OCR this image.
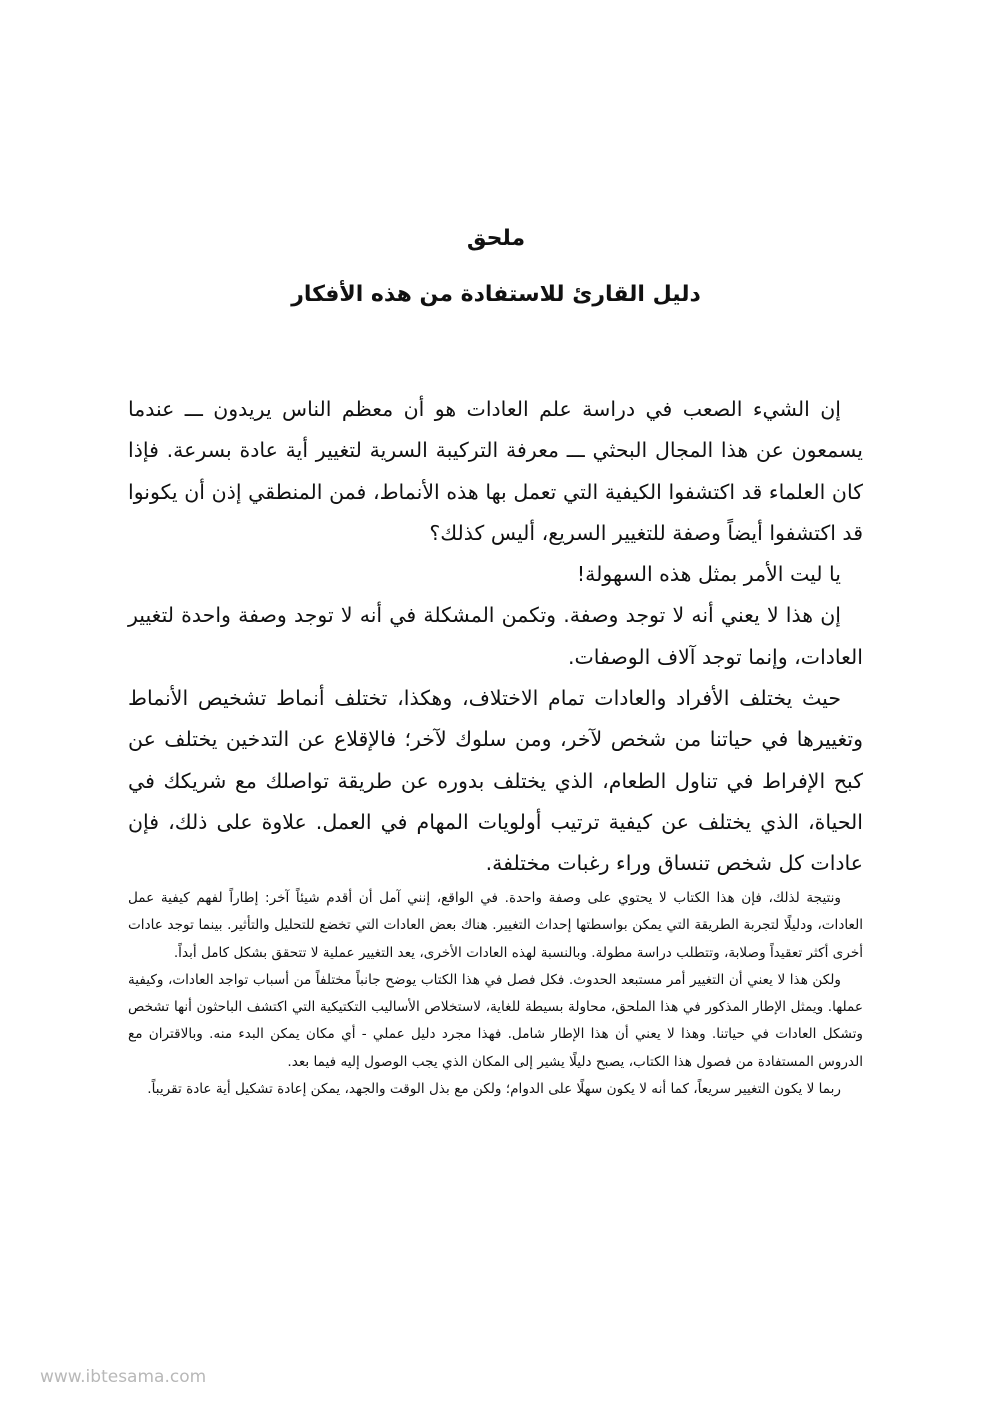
ملحق
دليل القارئ للاستفادة من هذه الأفكار

إن الشيء الصعب في دراسة علم العادات هو أن معظم الناس يريدون ـــ عندما يسمعون عن هذا المجال البحثي ـــ معرفة التركيبة السرية لتغيير أية عادة بسرعة. فإذا كان العلماء قد اكتشفوا الكيفية التي تعمل بها هذه الأنماط، فمن المنطقي إذن أن يكونوا قد اكتشفوا أيضاً وصفة للتغيير السريع، أليس كذلك؟

يا ليت الأمر بمثل هذه السهولة!

إن هذا لا يعني أنه لا توجد وصفة. وتكمن المشكلة في أنه لا توجد وصفة واحدة لتغيير العادات، وإنما توجد آلاف الوصفات.

حيث يختلف الأفراد والعادات تمام الاختلاف، وهكذا، تختلف أنماط تشخيص الأنماط وتغييرها في حياتنا من شخص لآخر، ومن سلوك لآخر؛ فالإقلاع عن التدخين يختلف عن كبح الإفراط في تناول الطعام، الذي يختلف بدوره عن طريقة تواصلك مع شريكك في الحياة، الذي يختلف عن كيفية ترتيب أولويات المهام في العمل. علاوة على ذلك، فإن عادات كل شخص تنساق وراء رغبات مختلفة.

ونتيجة لذلك، فإن هذا الكتاب لا يحتوي على وصفة واحدة. في الواقع، إنني آمل أن أقدم شيئاً آخر: إطاراً لفهم كيفية عمل العادات، ودليلًا لتجربة الطريقة التي يمكن بواسطتها إحداث التغيير. هناك بعض العادات التي تخضع للتحليل والتأثير. بينما توجد عادات أخرى أكثر تعقيداً وصلابة، وتتطلب دراسة مطولة. وبالنسبة لهذه العادات الأخرى، يعد التغيير عملية لا تتحقق بشكل كامل أبداً.

ولكن هذا لا يعني أن التغيير أمر مستبعد الحدوث. فكل فصل في هذا الكتاب يوضح جانباً مختلفاً من أسباب تواجد العادات، وكيفية عملها. ويمثل الإطار المذكور في هذا الملحق، محاولة بسيطة للغاية، لاستخلاص الأساليب التكتيكية التي اكتشف الباحثون أنها تشخص وتشكل العادات في حياتنا. وهذا لا يعني أن هذا الإطار شامل. فهذا مجرد دليل عملي - أي مكان يمكن البدء منه. وبالاقتران مع الدروس المستفادة من فصول هذا الكتاب، يصبح دليلًا يشير إلى المكان الذي يجب الوصول إليه فيما بعد.

ربما لا يكون التغيير سريعاً، كما أنه لا يكون سهلًا على الدوام؛ ولكن مع بذل الوقت والجهد، يمكن إعادة تشكيل أية عادة تقريباً.

www.ibtesama.com
